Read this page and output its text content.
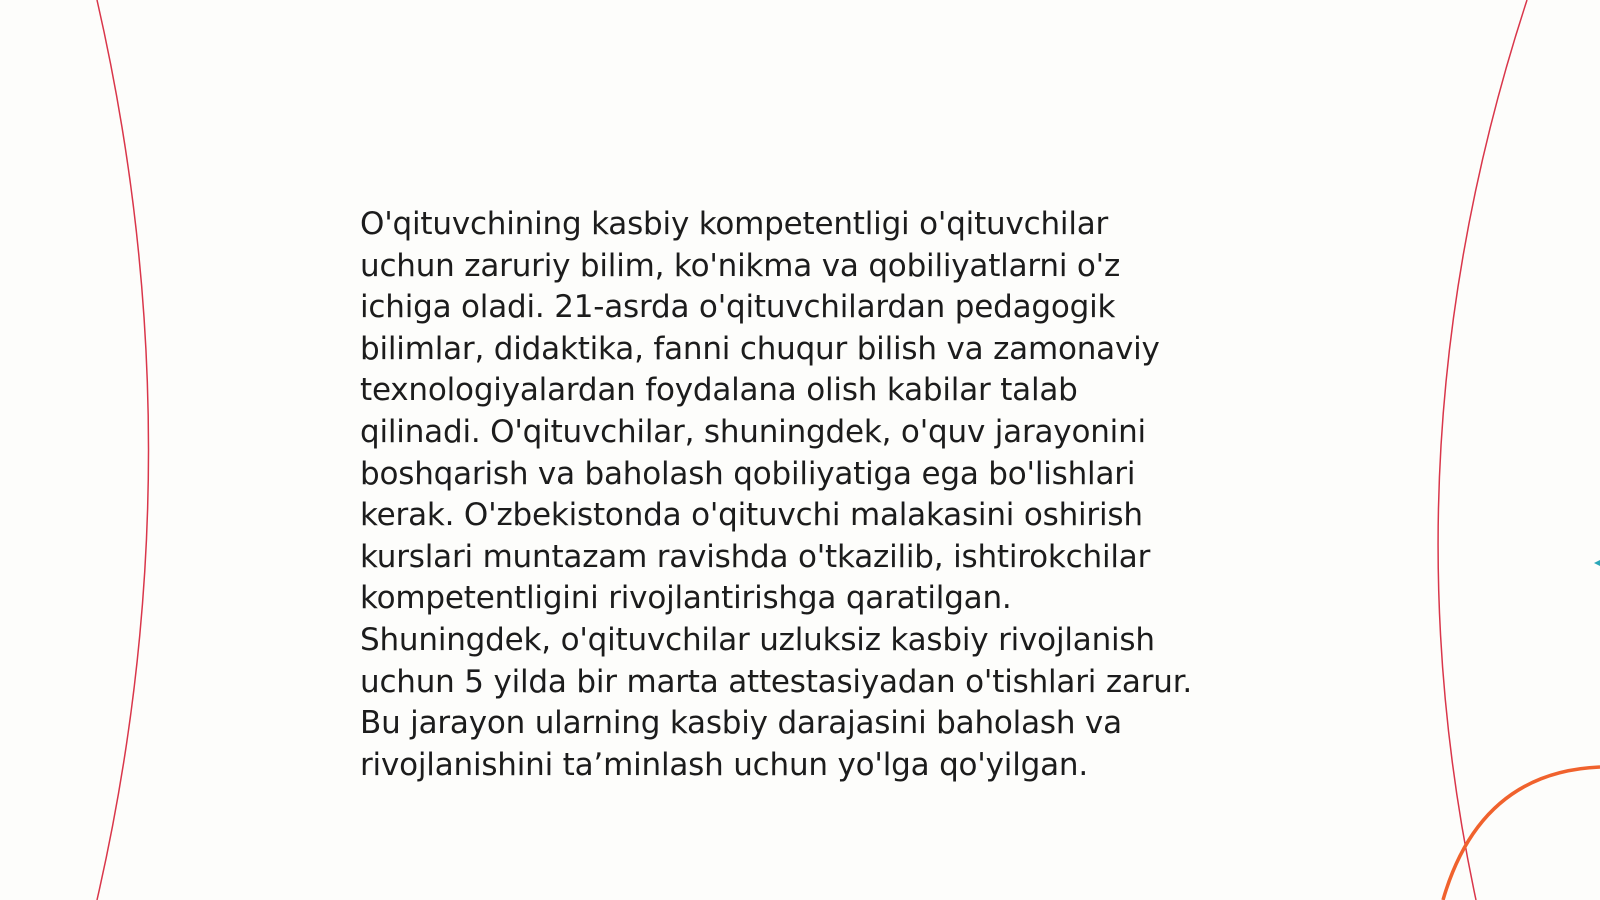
O'qituvchining kasbiy kompetentligi o'qituvchilar
uchun zaruriy bilim, ko'nikma va qobiliyatlarni o'z
ichiga oladi. 21-asrda o'qituvchilardan pedagogik
bilimlar, didaktika, fanni chuqur bilish va zamonaviy
texnologiyalardan foydalana olish kabilar talab
qilinadi. O'qituvchilar, shuningdek, o'quv jarayonini
boshqarish va baholash qobiliyatiga ega bo'lishlari
kerak. O'zbekistonda o'qituvchi malakasini oshirish
kurslari muntazam ravishda o'tkazilib, ishtirokchilar
kompetentligini rivojlantirishga qaratilgan.
Shuningdek, o'qituvchilar uzluksiz kasbiy rivojlanish
uchun 5 yilda bir marta attestasiyadan o'tishlari zarur.
Bu jarayon ularning kasbiy darajasini baholash va
rivojlanishini ta’minlash uchun yo'lga qo'yilgan.
